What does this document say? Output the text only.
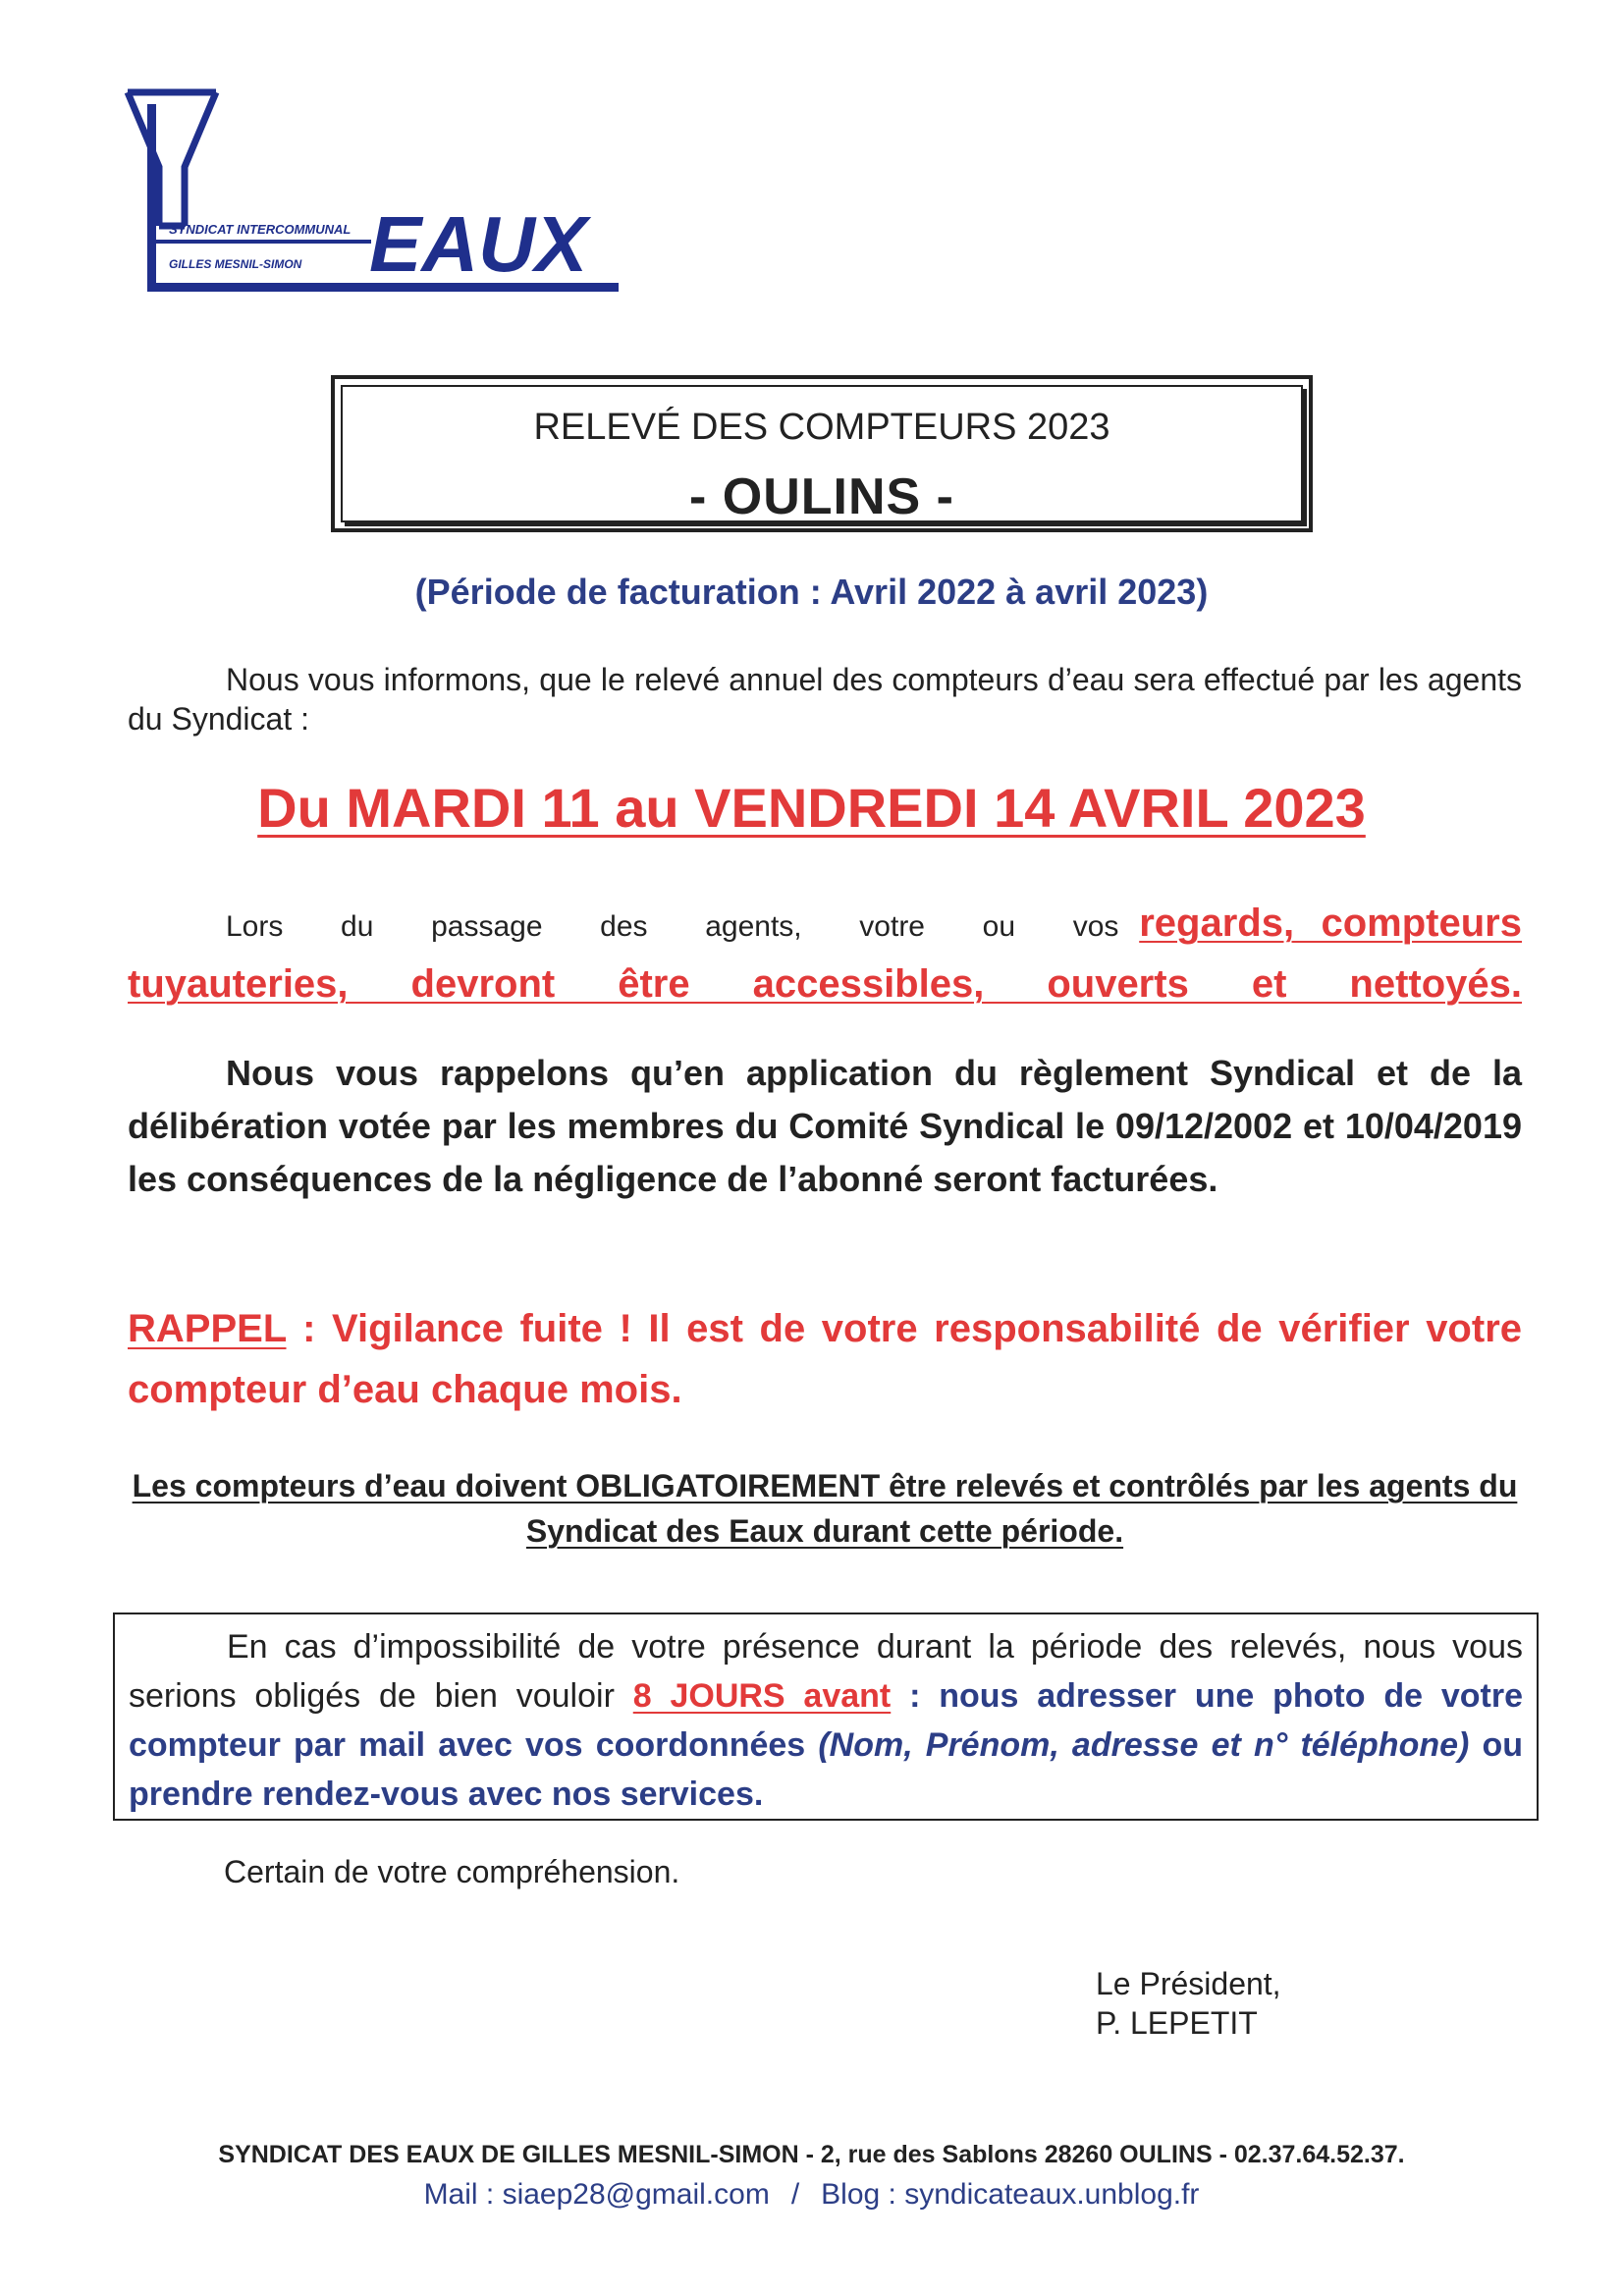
SYNDICAT INTERCOMMUNAL
GILLES MESNIL-SIMON EAUX
RELEVÉ DES COMPTEURS 2023
- OULINS -
(Période de facturation : Avril 2022 à avril 2023)
Nous vous informons, que le relevé annuel des compteurs d’eau sera effectué par les agents du Syndicat :
Du MARDI 11 au VENDREDI 14 AVRIL 2023
Lors du passage des agents, votre ou vos regards, compteurs
tuyauteries, devront être accessibles, ouverts et nettoyés.
Nous vous rappelons qu’en application du règlement Syndical et de la délibération votée par les membres du Comité Syndical le 09/12/2002 et 10/04/2019 les conséquences de la négligence de l’abonné seront facturées.
RAPPEL : Vigilance fuite ! Il est de votre responsabilité de vérifier votre compteur d’eau chaque mois.
Les compteurs d’eau doivent OBLIGATOIREMENT être relevés et contrôlés par les agents du Syndicat des Eaux durant cette période.
En cas d’impossibilité de votre présence durant la période des relevés, nous vous serions obligés de bien vouloir 8 JOURS avant : nous adresser une photo de votre compteur par mail avec vos coordonnées (Nom, Prénom, adresse et n° téléphone) ou prendre rendez-vous avec nos services.
Certain de votre compréhension.
Le Président,
P. LEPETIT
SYNDICAT DES EAUX DE GILLES MESNIL-SIMON - 2, rue des Sablons 28260 OULINS - 02.37.64.52.37.
Mail : siaep28@gmail.com / Blog : syndicateaux.unblog.fr
